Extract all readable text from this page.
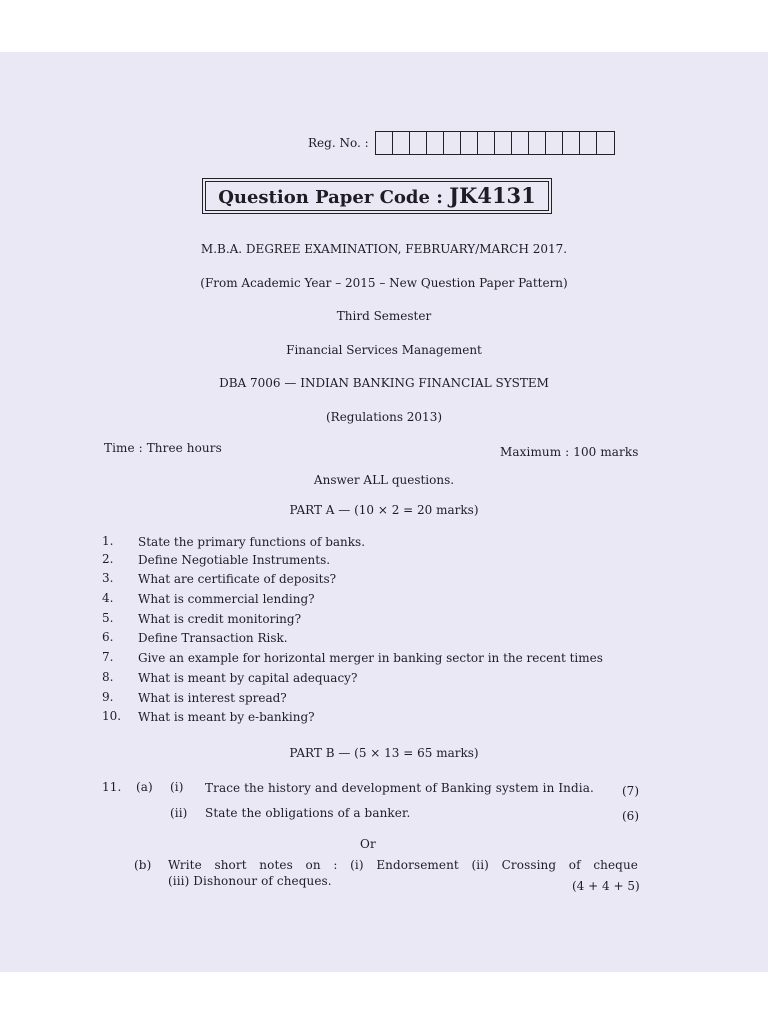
Reg. No. :
Question Paper Code : JK4131
M.B.A. DEGREE EXAMINATION, FEBRUARY/MARCH 2017.
(From Academic Year – 2015 – New Question Paper Pattern)
Third Semester
Financial Services Management
DBA 7006 — INDIAN BANKING FINANCIAL SYSTEM
(Regulations 2013)
Time : Three hours	Maximum : 100 marks
Answer ALL questions.
PART A — (10 × 2 = 20 marks)
1.	State the primary functions of banks.
2.	Define Negotiable Instruments.
3.	What are certificate of deposits?
4.	What is commercial lending?
5.	What is credit monitoring?
6.	Define Transaction Risk.
7.	Give an example for horizontal merger in banking sector in the recent times
8.	What is meant by capital adequacy?
9.	What is interest spread?
10.	What is meant by e-banking?
PART B — (5 × 13 = 65 marks)
11. (a) (i) Trace the history and development of Banking system in India. (7)
(ii) State the obligations of a banker.	(6)
Or
(b) Write short notes on : (i) Endorsement (ii) Crossing of cheque
(iii) Dishonour of cheques.	(4 + 4 + 5)
